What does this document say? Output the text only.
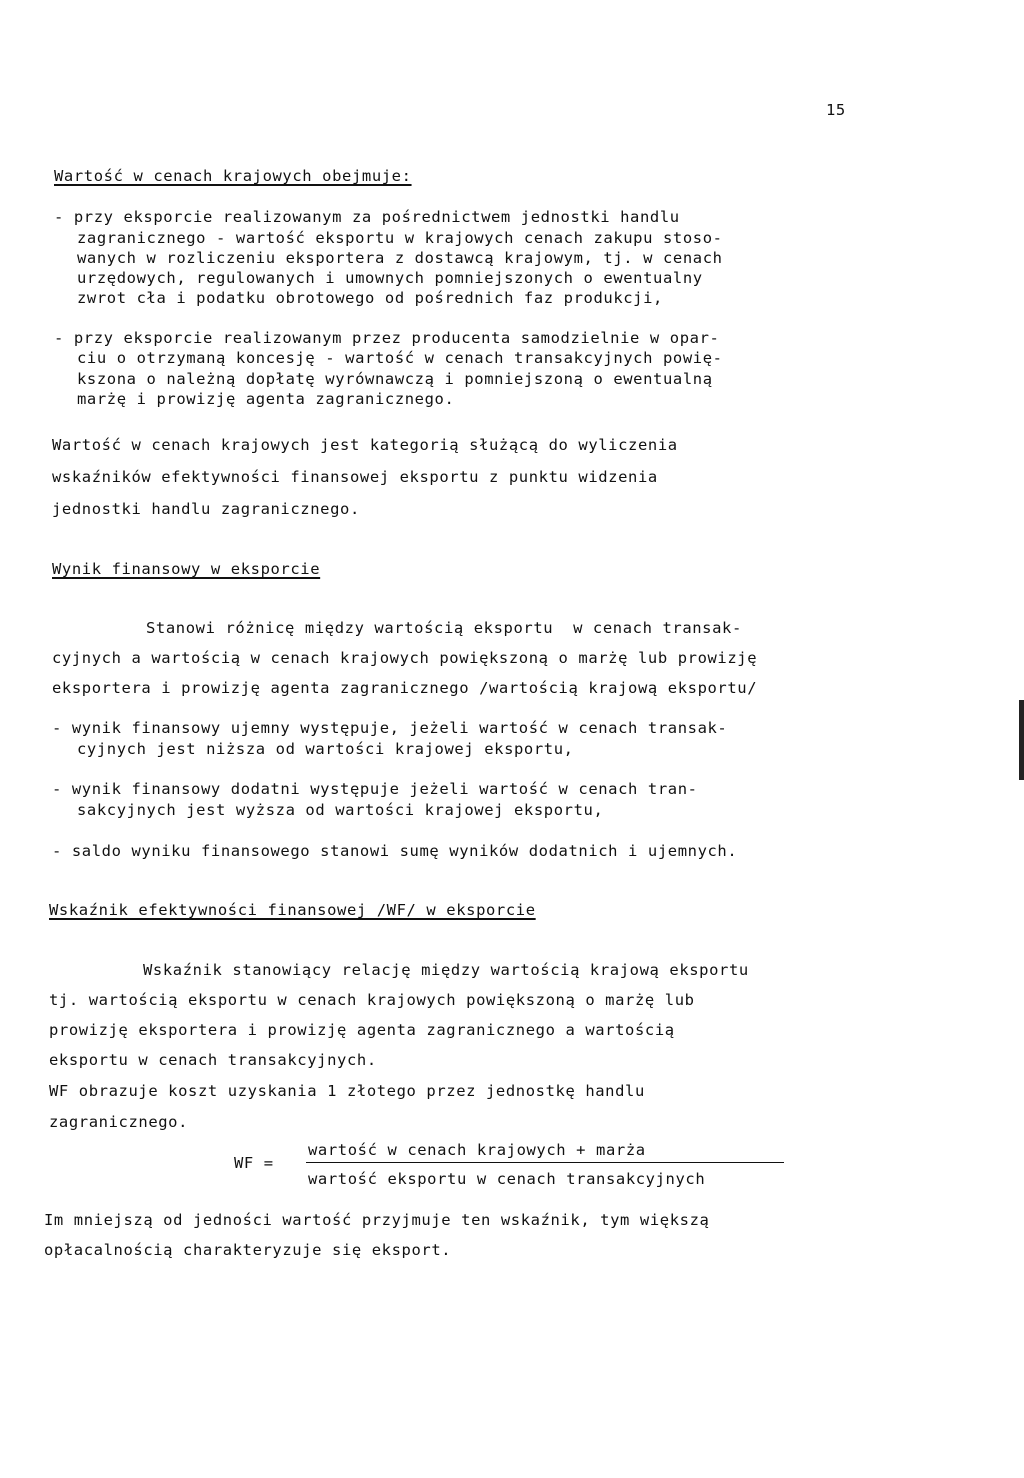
15
Wartość w cenach krajowych obejmuje:
- przy eksporcie realizowanym za pośrednictwem jednostki handlu
zagranicznego - wartość eksportu w krajowych cenach zakupu stoso-
wanych w rozliczeniu eksportera z dostawcą krajowym, tj. w cenach
urzędowych, regulowanych i umownych pomniejszonych o ewentualny
zwrot cła i podatku obrotowego od pośrednich faz produkcji,
- przy eksporcie realizowanym przez producenta samodzielnie w opar-
ciu o otrzymaną koncesję - wartość w cenach transakcyjnych powię-
kszona o należną dopłatę wyrównawczą i pomniejszoną o ewentualną
marżę i prowizję agenta zagranicznego.
Wartość w cenach krajowych jest kategorią służącą do wyliczenia
wskaźników efektywności finansowej eksportu z punktu widzenia
jednostki handlu zagranicznego.
Wynik finansowy w eksporcie
Stanowi różnicę między wartością eksportu  w cenach transak-
cyjnych a wartością w cenach krajowych powiększoną o marżę lub prowizję
eksportera i prowizję agenta zagranicznego /wartością krajową eksportu/
- wynik finansowy ujemny występuje, jeżeli wartość w cenach transak-
cyjnych jest niższa od wartości krajowej eksportu,
- wynik finansowy dodatni występuje jeżeli wartość w cenach tran-
sakcyjnych jest wyższa od wartości krajowej eksportu,
- saldo wyniku finansowego stanowi sumę wyników dodatnich i ujemnych.
Wskaźnik efektywności finansowej /WF/ w eksporcie
Wskaźnik stanowiący relację między wartością krajową eksportu
tj. wartością eksportu w cenach krajowych powiększoną o marżę lub
prowizję eksportera i prowizję agenta zagranicznego a wartością
eksportu w cenach transakcyjnych.
WF obrazuje koszt uzyskania 1 złotego przez jednostkę handlu
zagranicznego.
WF =
wartość w cenach krajowych + marża
wartość eksportu w cenach transakcyjnych
Im mniejszą od jedności wartość przyjmuje ten wskaźnik, tym większą
opłacalnością charakteryzuje się eksport.
